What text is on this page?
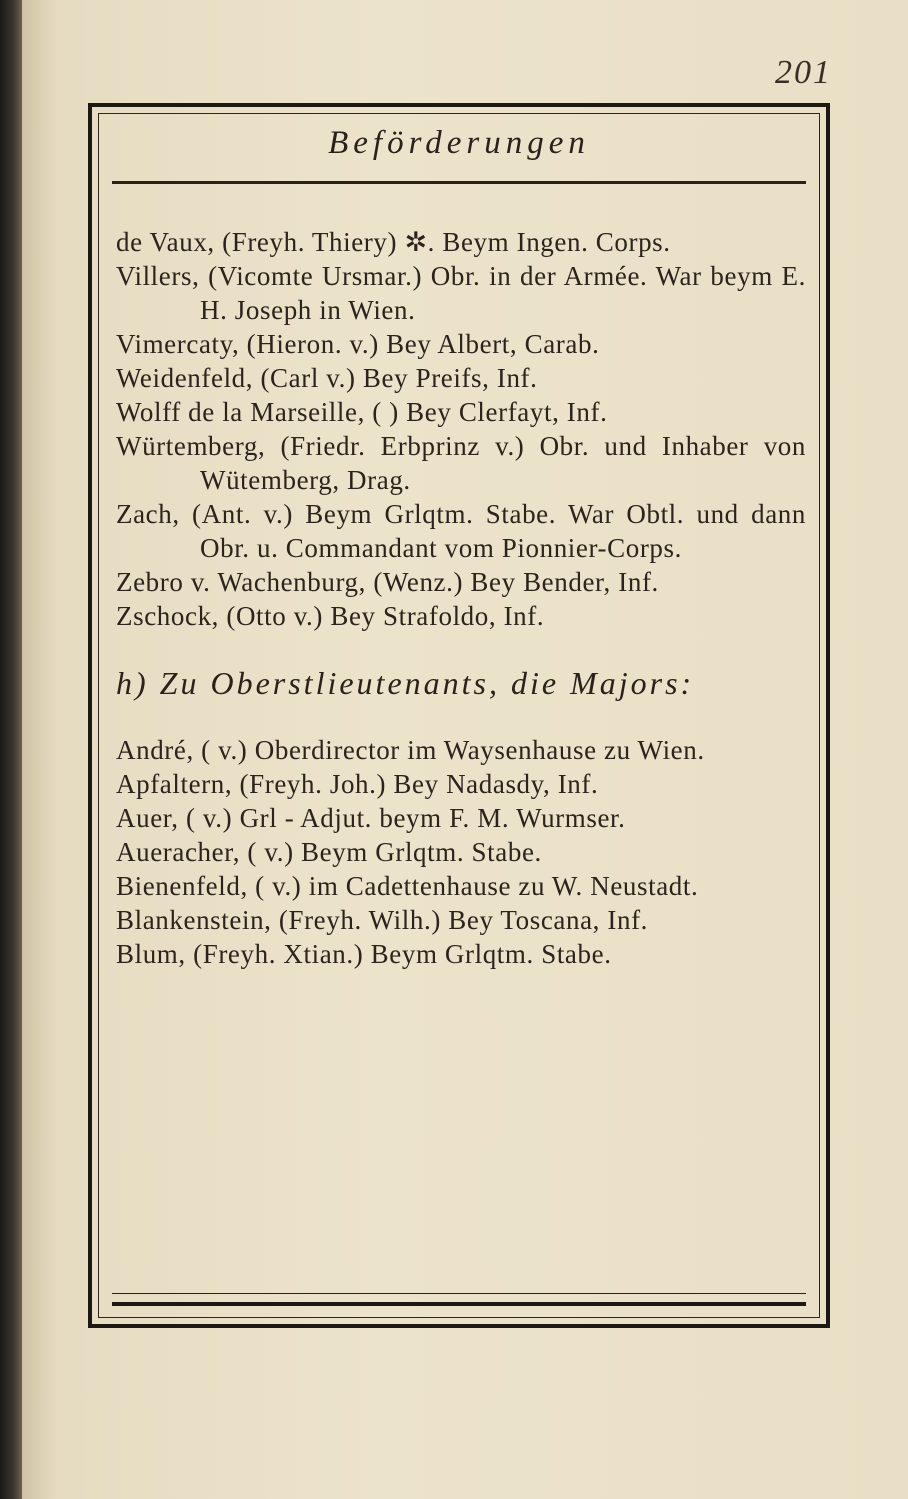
201
Beförderungen
de Vaux, (Freyh. Thiery) ✲. Beym Ingen. Corps.
Villers, (Vicomte Ursmar.) Obr. in der Armée. War beym E. H. Joseph in Wien.
Vimercaty, (Hieron. v.) Bey Albert, Carab.
Weidenfeld, (Carl v.) Bey Preifs, Inf.
Wolff de la Marseille, ( ) Bey Clerfayt, Inf.
Würtemberg, (Friedr. Erbprinz v.) Obr. und Inhaber von Wütemberg, Drag.
Zach, (Ant. v.) Beym Grlqtm. Stabe. War Obtl. und dann Obr. u. Commandant vom Pionnier-Corps.
Zebro v. Wachenburg, (Wenz.) Bey Bender, Inf.
Zschock, (Otto v.) Bey Strafoldo, Inf.
h) Zu Oberstlieutenants, die Majors:
André, ( v.) Oberdirector im Waysenhause zu Wien.
Apfaltern, (Freyh. Joh.) Bey Nadasdy, Inf.
Auer, ( v.) Grl - Adjut. beym F. M. Wurmser.
Aueracher, ( v.) Beym Grlqtm. Stabe.
Bienenfeld, ( v.) im Cadettenhause zu W. Neustadt.
Blankenstein, (Freyh. Wilh.) Bey Toscana, Inf.
Blum, (Freyh. Xtian.) Beym Grlqtm. Stabe.
